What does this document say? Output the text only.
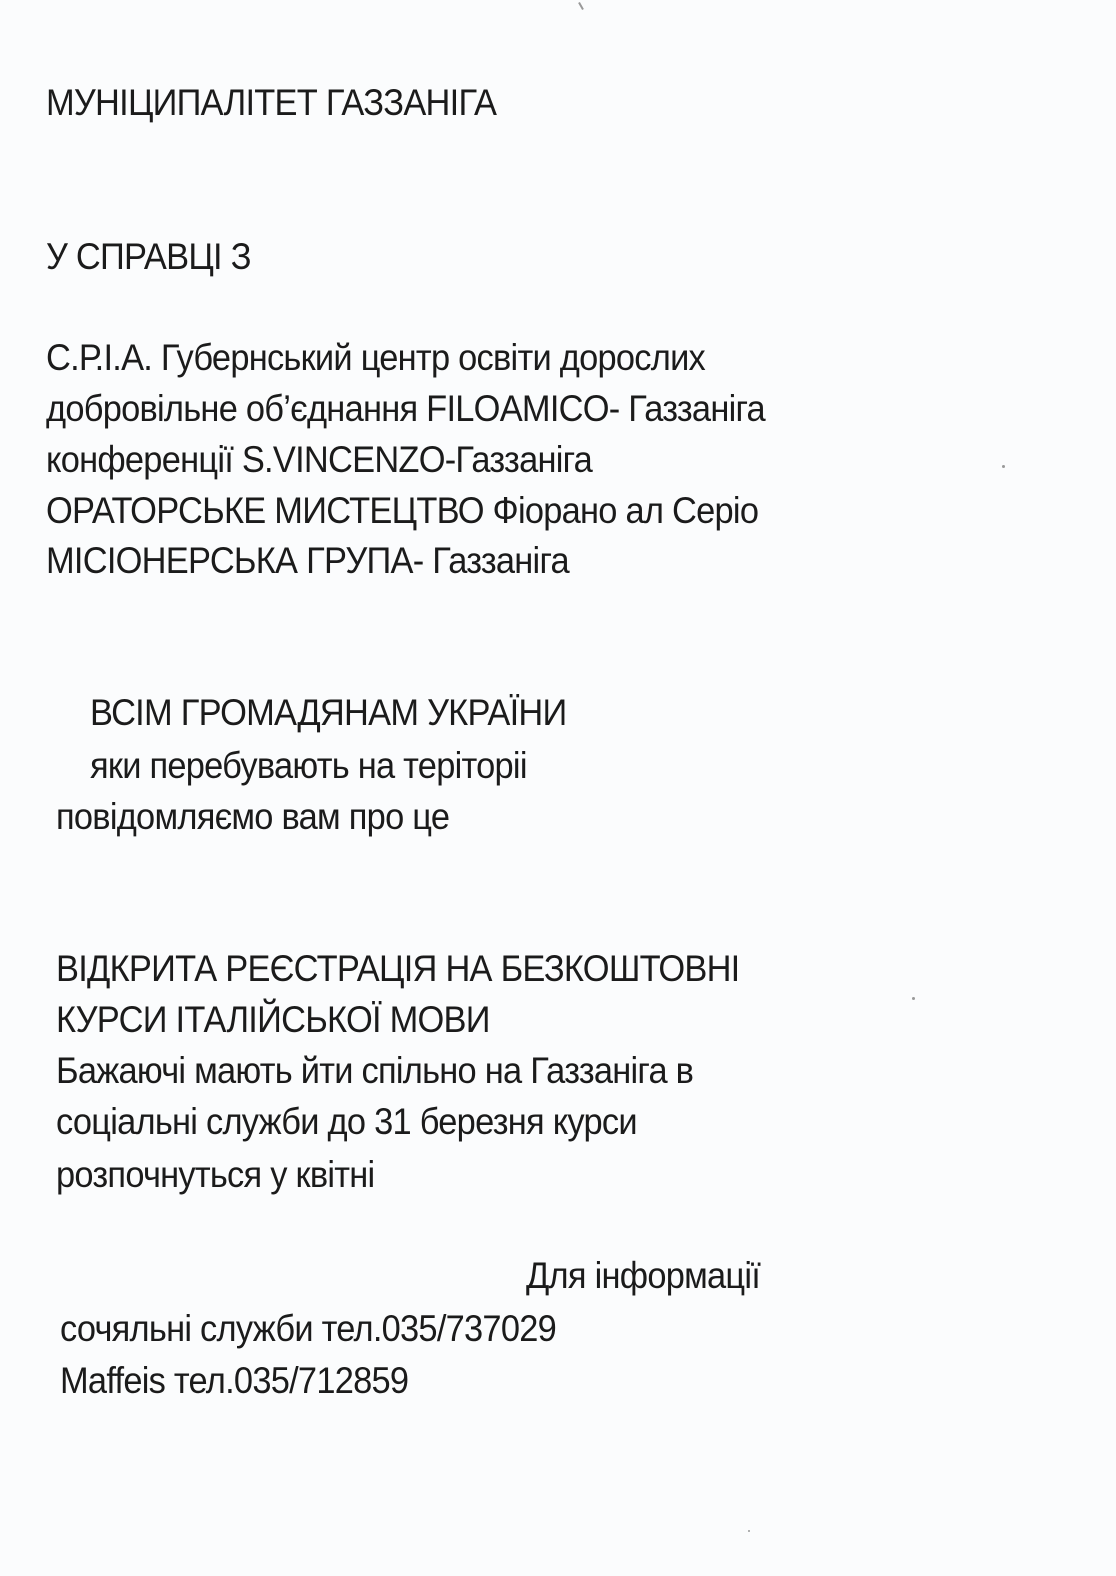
МУНІЦИПАЛІТЕТ ГАЗЗАНІГА
У СПРАВЦІ З
С.Р.І.А. Губернський центр освіти дорослих
добровільне об’єднання FILOAMICO- Газзаніга
конференції S.VINCENZO-Газзаніга
ОРАТОРСЬКЕ МИСТЕЦТВО Фіорано ал Серіо
МІСІОНЕРСЬКА ГРУПА- Газзаніга
ВСІМ ГРОМАДЯНАМ УКРАЇНИ
яки перебувають на теріторіі
повідомляємо вам про це
ВІДКРИТА РЕЄСТРАЦІЯ НА БЕЗКОШТОВНІ
КУРСИ ІТАЛІЙСЬКОЇ МОВИ
Бажаючі мають йти спільно на Газзаніга в
соціальні служби до 31 березня курси
розпочнуться у квітні
Для інформації
сочяльні служби тел.035/737029
Maffeis тел.035/712859
